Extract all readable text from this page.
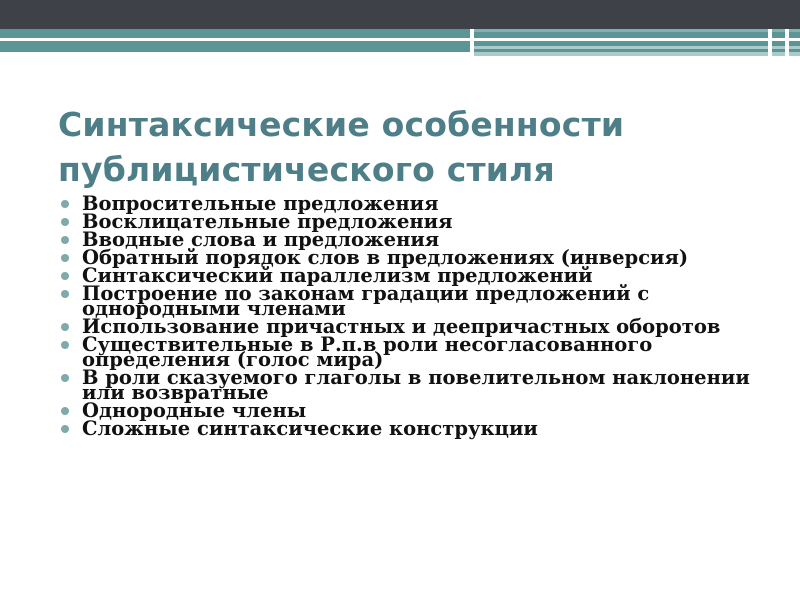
Синтаксические особенности
публицистического стиля
Вопросительные предложения
Восклицательные предложения
Вводные слова и предложения
Обратный порядок слов в предложениях (инверсия)
Синтаксический параллелизм предложений
Построение по законам градации предложений с однородными членами
Использование причастных и деепричастных оборотов
Существительные в Р.п.в роли несогласованного определения (голос мира)
В роли сказуемого глаголы в повелительном наклонении или возвратные
Однородные члены
Сложные синтаксические конструкции
